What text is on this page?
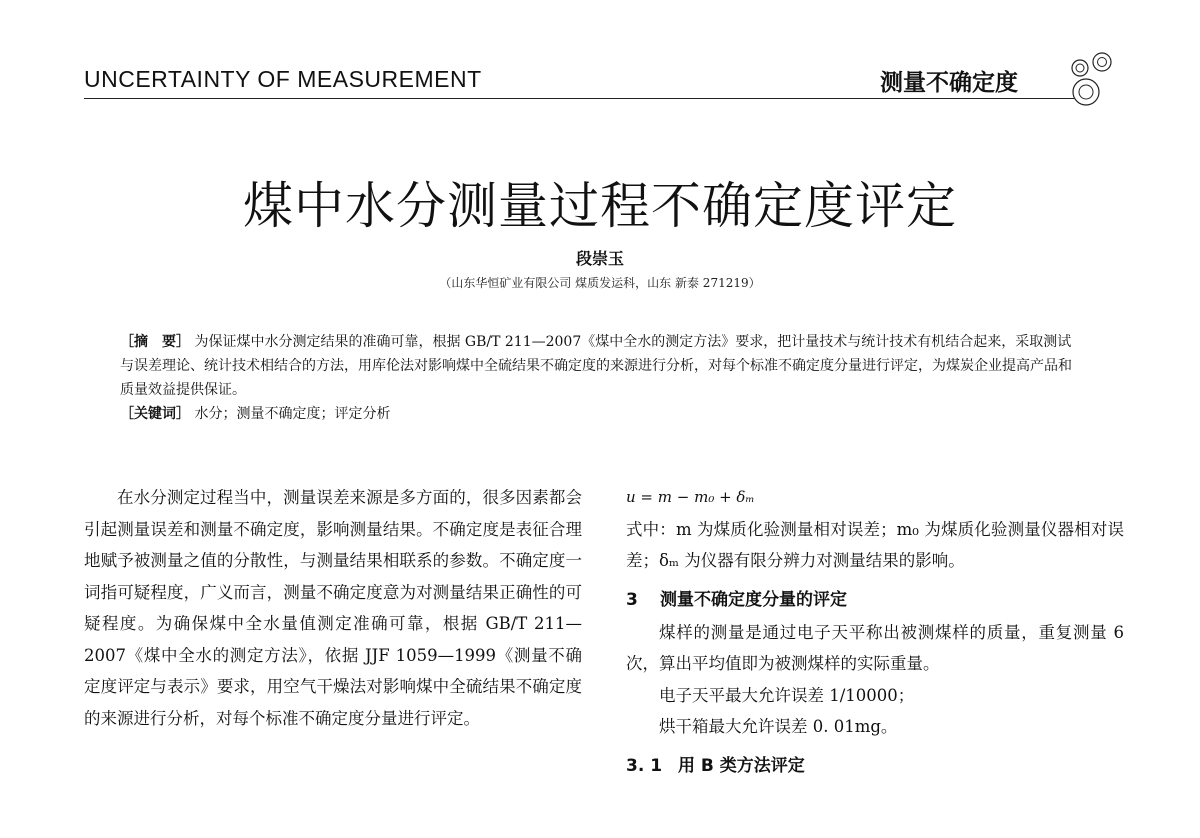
UNCERTAINTY OF MEASUREMENT	测量不确定度
煤中水分测量过程不确定度评定
段崇玉
（山东华恒矿业有限公司 煤质发运科，山东 新泰 271219）
［摘　要］ 为保证煤中水分测定结果的准确可靠，根据 GB/T 211—2007《煤中全水的测定方法》要求，把计量技术与统计技术有机结合起来，采取测试与误差理论、统计技术相结合的方法，用库伦法对影响煤中全硫结果不确定度的来源进行分析，对每个标准不确定度分量进行评定，为煤炭企业提高产品和质量效益提供保证。
［关键词］ 水分；测量不确定度；评定分析

在水分测定过程当中，测量误差来源是多方面的，很多因素都会引起测量误差和测量不确定度，影响测量结果。不确定度是表征合理地赋予被测量之值的分散性，与测量结果相联系的参数。不确定度一词指可疑程度，广义而言，测量不确定度意为对测量结果正确性的可疑程度。为确保煤中全水量值测定准确可靠，根据 GB/T 211—2007《煤中全水的测定方法》，依据 JJF 1059—1999《测量不确定度评定与表示》要求，用空气干燥法对影响煤中全硫结果不确定度的来源进行分析，对每个标准不确定度分量进行评定。

u = m − m₀ + δₘ

式中：m 为煤质化验测量相对误差；m₀ 为煤质化验测量仪器相对误差；δₘ 为仪器有限分辨力对测量结果的影响。

3 测量不确定度分量的评定

煤样的测量是通过电子天平称出被测煤样的质量，重复测量 6 次，算出平均值即为被测煤样的实际重量。

电子天平最大允许误差 1/10000；

烘干箱最大允许误差 0. 01mg。

3. 1 用 B 类方法评定
